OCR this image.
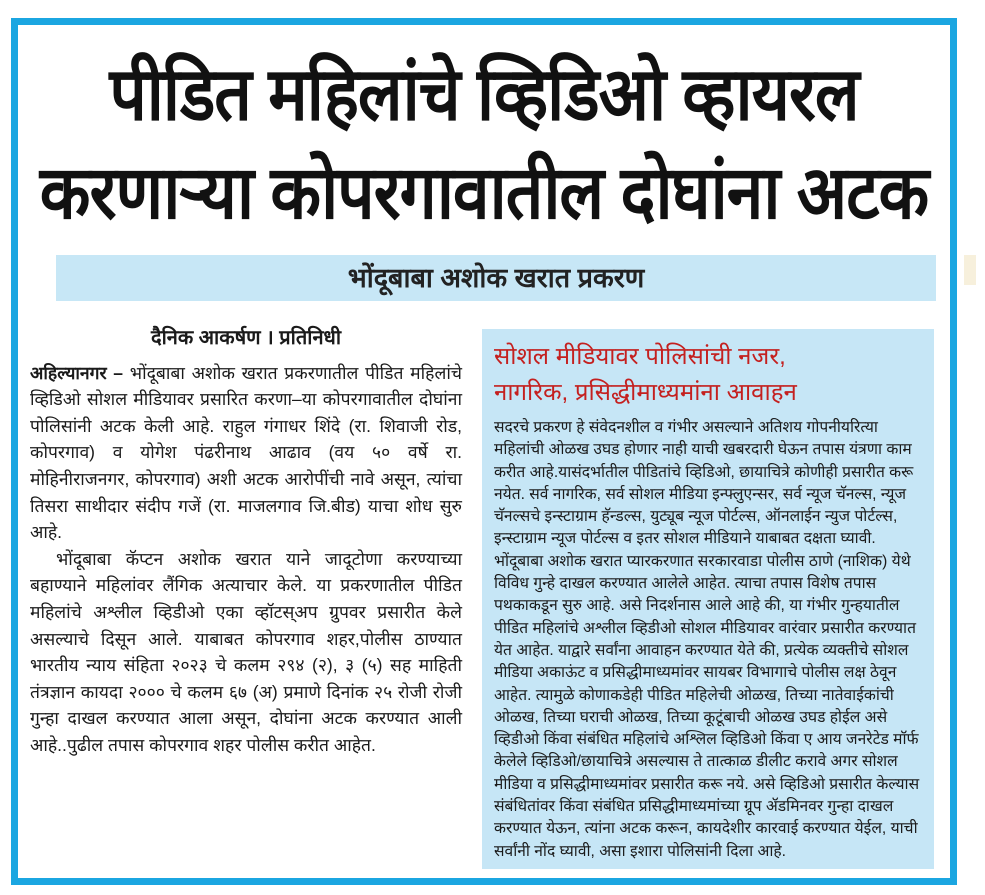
पीडित महिलांचे व्हिडिओ व्हायरल
करणाऱ्या कोपरगावातील दोघांना अटक
भोंदूबाबा अशोक खरात प्रकरण
दैनिक आकर्षण । प्रतिनिधी

अहिल्यानगर – भोंदूबाबा अशोक खरात प्रकरणातील पीडित महिलांचे व्हिडिओ सोशल मीडियावर प्रसारित करणा–या कोपरगावातील दोघांना पोलिसांनी अटक केली आहे. राहुल गंगाधर शिंदे (रा. शिवाजी रोड, कोपरगाव) व योगेश पंढरीनाथ आढाव (वय ५० वर्षे रा. मोहिनीराजनगर, कोपरगाव) अशी अटक आरोपींची नावे असून, त्यांचा तिसरा साथीदार संदीप गजें (रा. माजलगाव जि.बीड) याचा शोध सुरु आहे.

भोंदूबाबा कॅप्टन अशोक खरात याने जादूटोणा करण्याच्या बहाण्याने महिलांवर लैंगिक अत्याचार केले. या प्रकरणातील पीडित महिलांचे अश्लील व्हिडीओ एका व्हॉटस्‌अप ग्रुपवर प्रसारीत केले असल्याचे दिसून आले. याबाबत कोपरगाव शहर,पोलीस ठाण्यात भारतीय न्याय संहिता २०२३ चे कलम २९४ (२), ३ (५) सह माहिती तंत्रज्ञान कायदा २००० चे कलम ६७ (अ) प्रमाणे दिनांक २५ रोजी रोजी गुन्हा दाखल करण्यात आला असून, दोघांना अटक करण्यात आली आहे..पुढील तपास कोपरगाव शहर पोलीस करीत आहेत.

सोशल मीडियावर पोलिसांची नजर,
नागरिक, प्रसिद्धीमाध्यमांना आवाहन

सदरचे प्रकरण हे संवेदनशील व गंभीर असल्याने अतिशय गोपनीयरित्या महिलांची ओळख उघड होणार नाही याची खबरदारी घेऊन तपास यंत्रणा काम करीत आहे.यासंदर्भातील पीडितांचे व्हिडिओ, छायाचित्रे कोणीही प्रसारीत करू नयेत. सर्व नागरिक, सर्व सोशल मीडिया इन्फ्लुएन्सर, सर्व न्यूज चॅनल्स, न्यूज चॅनल्सचे इन्स्टाग्राम हॅन्डल्स, युट्यूब न्यूज पोर्टल्स, ऑनलाईन न्युज पोर्टल्स, इन्स्टाग्राम न्यूज पोर्टल्स व इतर सोशल मीडियाने याबाबत दक्षता घ्यावी. भोंदूबाबा अशोक खरात प्यारकरणात सरकारवाडा पोलीस ठाणे (नाशिक) येथे विविध गुन्हे दाखल करण्यात आलेले आहेत. त्याचा तपास विशेष तपास पथकाकडून सुरु आहे. असे निदर्शनास आले आहे की, या गंभीर गुन्हयातील पीडित महिलांचे अश्लील व्हिडीओ सोशल मीडियावर वारंवार प्रसारीत करण्यात येत आहेत. याद्वारे सर्वांना आवाहन करण्यात येते की, प्रत्येक व्यक्तीचे सोशल मीडिया अकाऊंट व प्रसिद्धीमाध्यमांवर सायबर विभागाचे पोलीस लक्ष ठेवून आहेत. त्यामुळे कोणाकडेही पीडित महिलेची ओळख, तिच्या नातेवाईकांची ओळख, तिच्या घराची ओळख, तिच्या कूटूंबाची ओळख उघड होईल असे व्हिडीओ किंवा संबंधित महिलांचे अश्लिल व्हिडिओ किंवा ए आय जनरेटेड मॉर्फ केलेले व्हिडिओ/छायाचित्रे असल्यास ते तात्काळ डीलीट करावे अगर सोशल मीडिया व प्रसिद्धीमाध्यमांवर प्रसारीत करू नये. असे व्हिडिओ प्रसारीत केल्यास संबंधितांवर किंवा संबंधित प्रसिद्धीमाध्यमांच्या ग्रूप ॲडमिनवर गुन्हा दाखल करण्यात येऊन, त्यांना अटक करून, कायदेशीर कारवाई करण्यात येईल, याची सर्वांनी नोंद घ्यावी, असा इशारा पोलिसांनी दिला आहे.
